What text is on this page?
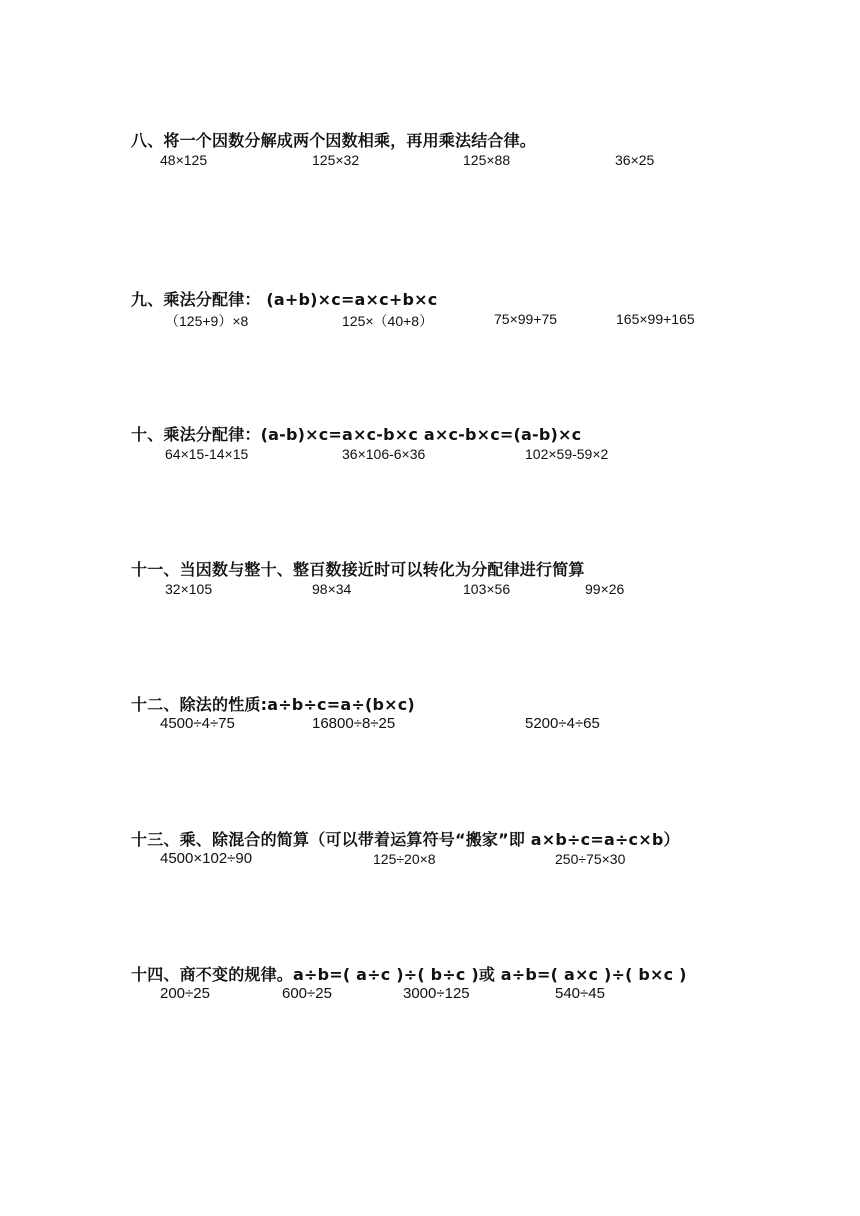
八、将一个因数分解成两个因数相乘，再用乘法结合律。
48×125	125×32	125×88	36×25
九、乘法分配律： (a+b)×c=a×c+b×c
（125+9）×8	125×（40+8）	75×99+75	165×99+165
十、乘法分配律：(a-b)×c=a×c-b×c a×c-b×c=(a-b)×c
64×15-14×15	36×106-6×36	102×59-59×2
十一、当因数与整十、整百数接近时可以转化为分配律进行简算
32×105	98×34	103×56	99×26
十二、除法的性质:a÷b÷c=a÷(b×c)
4500÷4÷75	16800÷8÷25	5200÷4÷65
十三、乘、除混合的简算（可以带着运算符号“搬家”即 a×b÷c=a÷c×b）
4500×102÷90	125÷20×8	250÷75×30
十四、商不变的规律。a÷b=( a÷c )÷( b÷c )或 a÷b=( a×c )÷( b×c )
200÷25	600÷25	3000÷125	540÷45
